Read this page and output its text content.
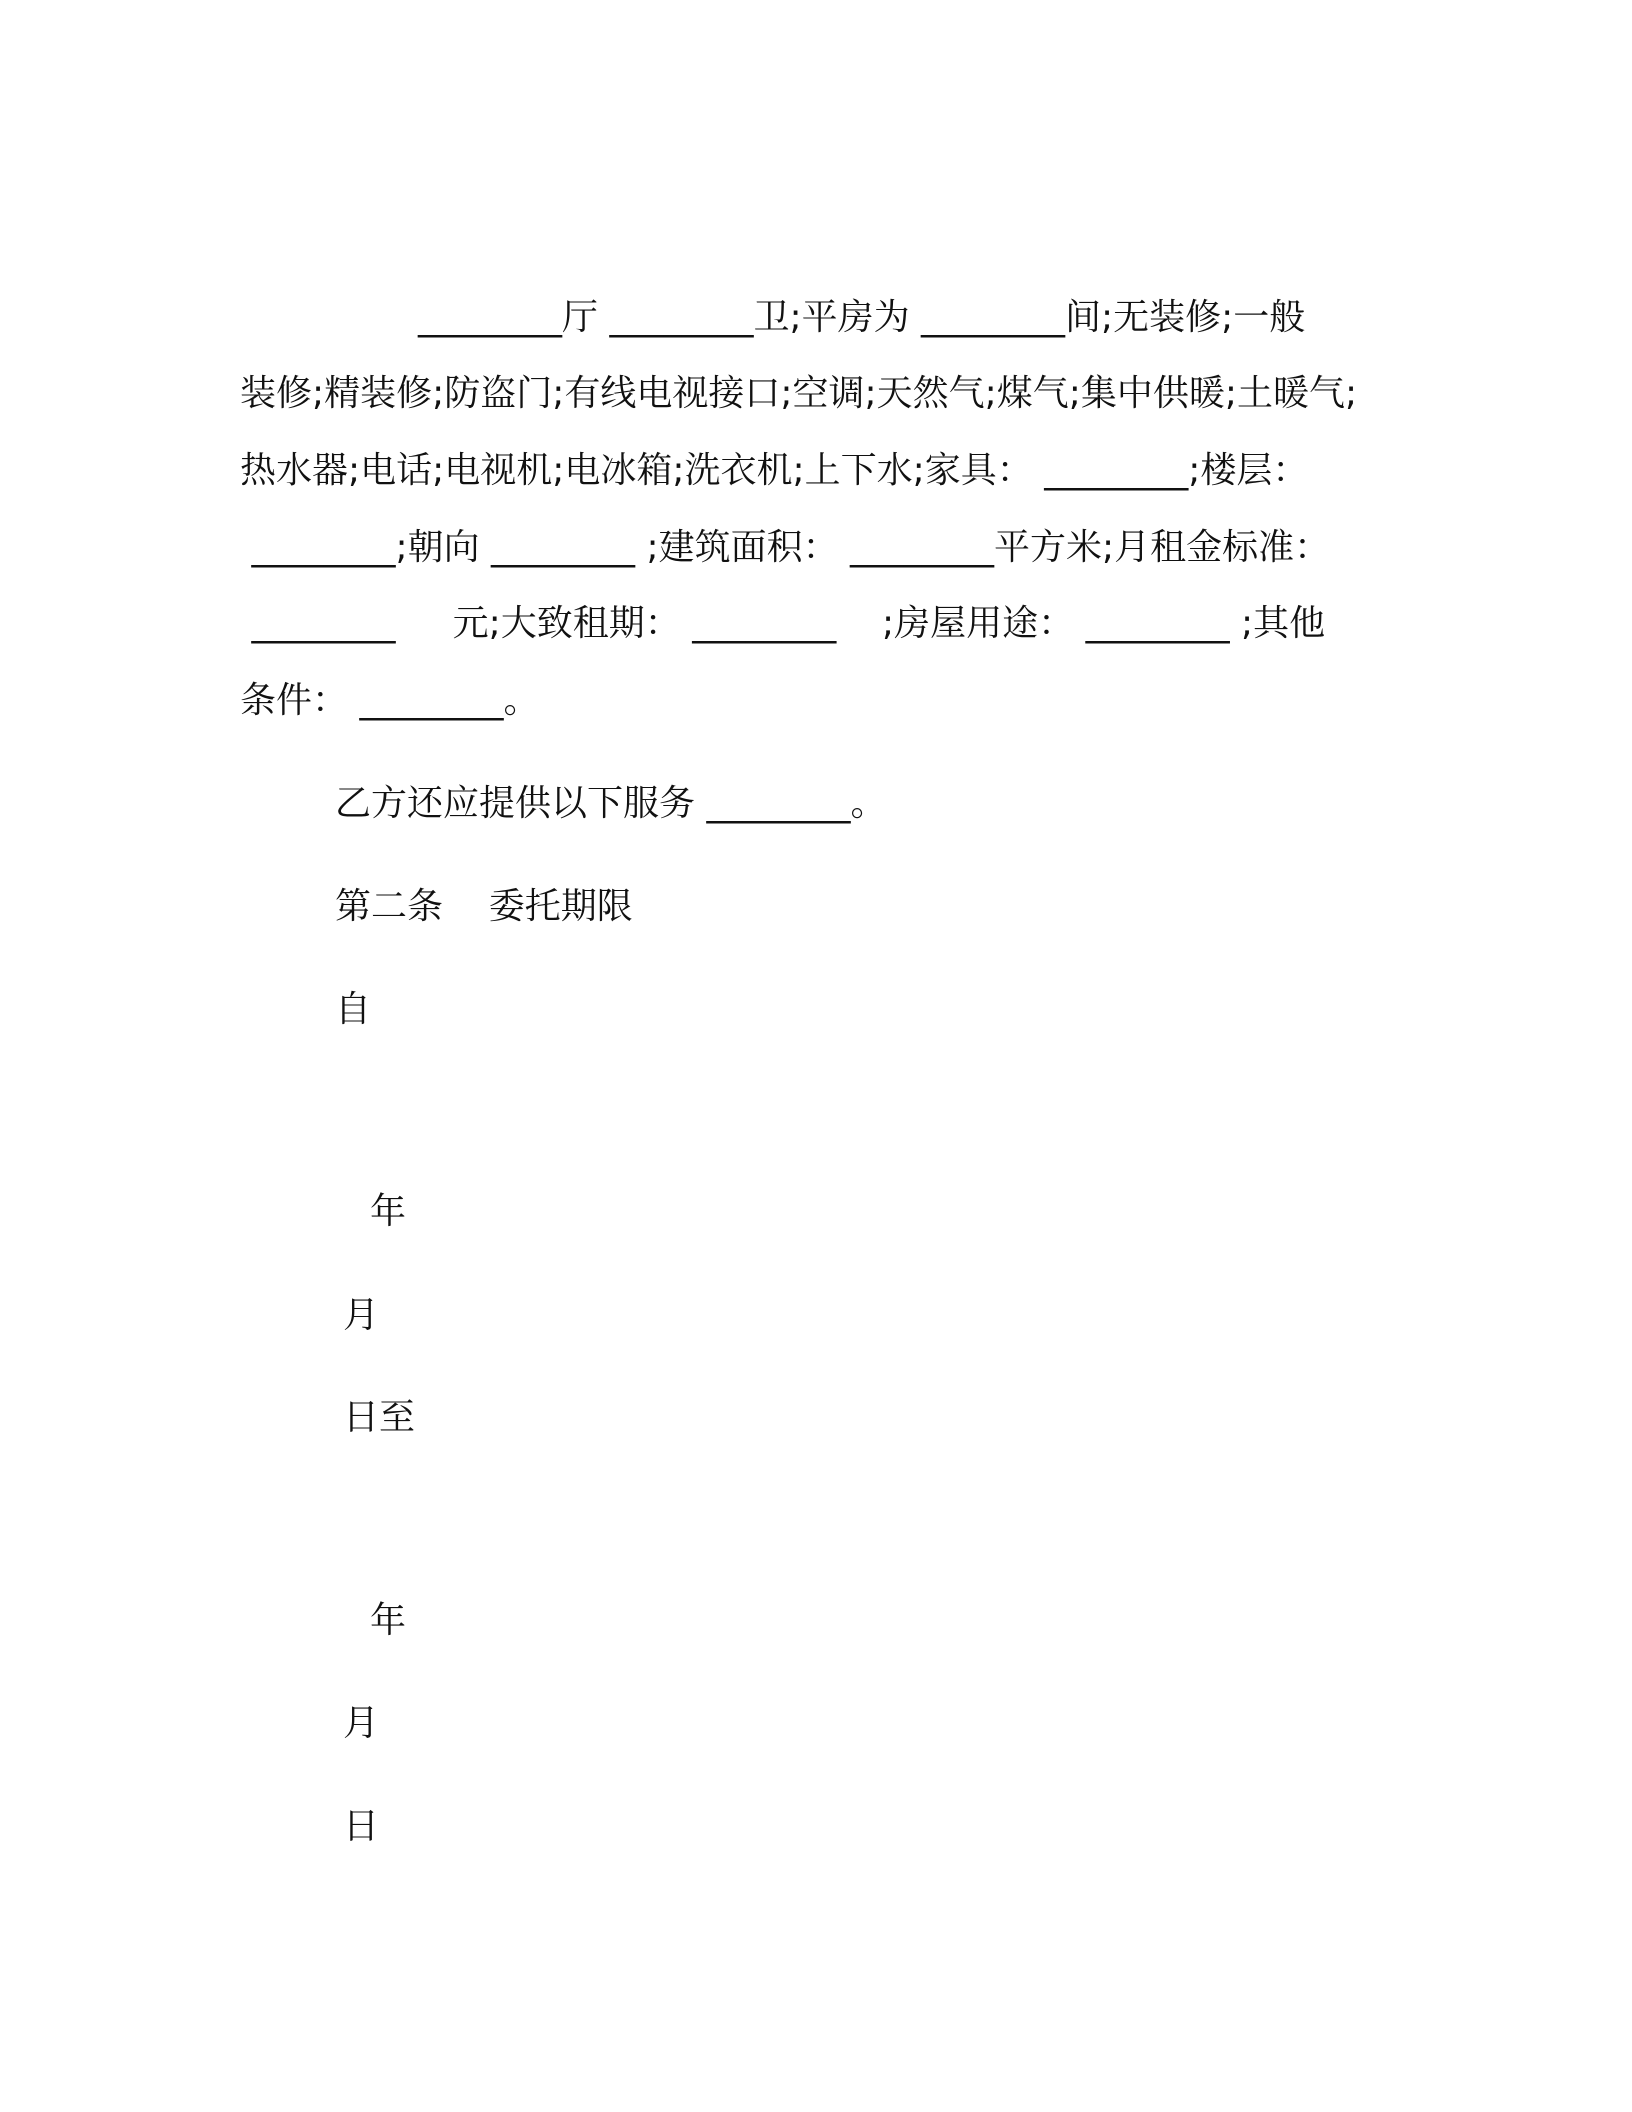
________厅 ________卫;平房为 ________间;无装修;一般
装修;精装修;防盗门;有线电视接口;空调;天然气;煤气;集中供暖;土暖气;
热水器;电话;电视机;电冰箱;洗衣机;上下水;家具： ________;楼层：
________;朝向 ________ ;建筑面积： ________平方米;月租金标准：
________     元;大致租期： ________    ;房屋用途： ________ ;其他
条件： ________。
乙方还应提供以下服务 ________。
第二条    委托期限
自
年
月
日至
年
月
日
